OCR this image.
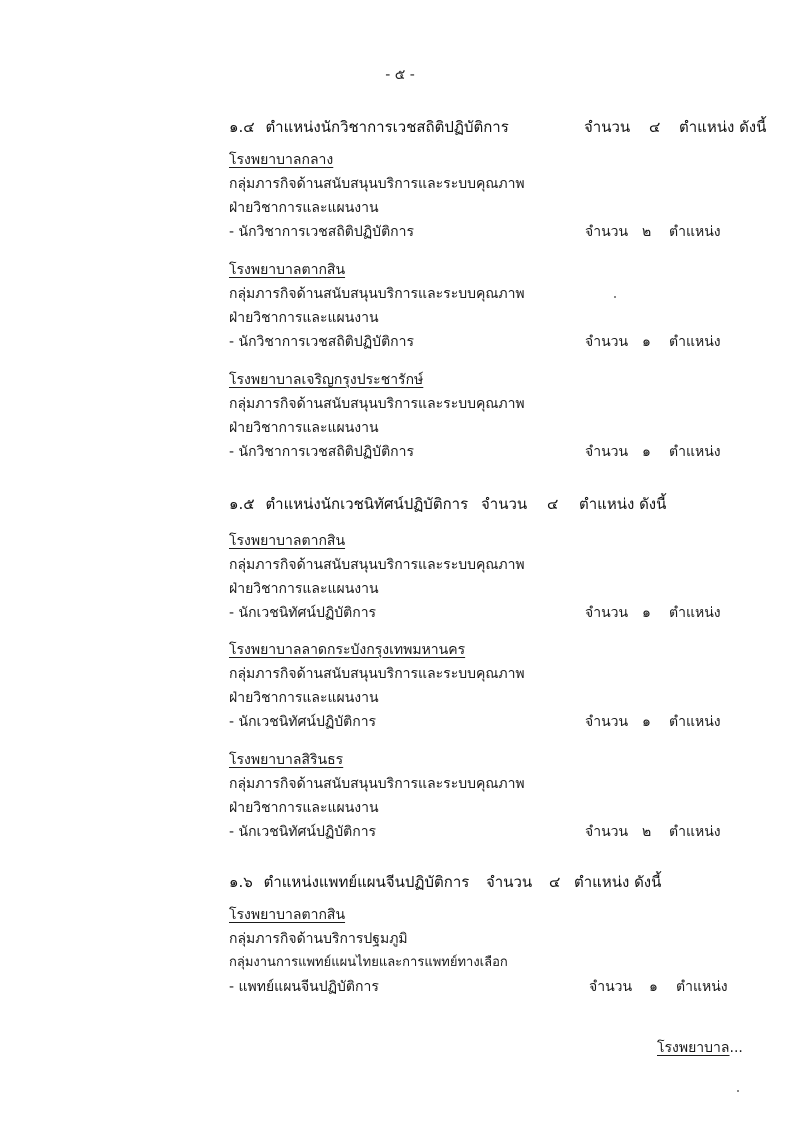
- ๕ -
๑.๔ ตำแหน่งนักวิชาการเวชสถิติปฏิบัติการ	จำนวน ๔ ตำแหน่ง ดังนี้
โรงพยาบาลกลาง
กลุ่มภารกิจด้านสนับสนุนบริการและระบบคุณภาพ
ฝ่ายวิชาการและแผนงาน
- นักวิชาการเวชสถิติปฏิบัติการ	จำนวน ๒ ตำแหน่ง
โรงพยาบาลตากสิน
กลุ่มภารกิจด้านสนับสนุนบริการและระบบคุณภาพ
ฝ่ายวิชาการและแผนงาน
- นักวิชาการเวชสถิติปฏิบัติการ	จำนวน ๑ ตำแหน่ง
โรงพยาบาลเจริญกรุงประชารักษ์
กลุ่มภารกิจด้านสนับสนุนบริการและระบบคุณภาพ
ฝ่ายวิชาการและแผนงาน
- นักวิชาการเวชสถิติปฏิบัติการ	จำนวน ๑ ตำแหน่ง
๑.๕ ตำแหน่งนักเวชนิทัศน์ปฏิบัติการ จำนวน ๔ ตำแหน่ง ดังนี้
โรงพยาบาลตากสิน
กลุ่มภารกิจด้านสนับสนุนบริการและระบบคุณภาพ
ฝ่ายวิชาการและแผนงาน
- นักเวชนิทัศน์ปฏิบัติการ	จำนวน ๑ ตำแหน่ง
โรงพยาบาลลาดกระบังกรุงเทพมหานคร
กลุ่มภารกิจด้านสนับสนุนบริการและระบบคุณภาพ
ฝ่ายวิชาการและแผนงาน
- นักเวชนิทัศน์ปฏิบัติการ	จำนวน ๑ ตำแหน่ง
โรงพยาบาลสิรินธร
กลุ่มภารกิจด้านสนับสนุนบริการและระบบคุณภาพ
ฝ่ายวิชาการและแผนงาน
- นักเวชนิทัศน์ปฏิบัติการ	จำนวน ๒ ตำแหน่ง
๑.๖ ตำแหน่งแพทย์แผนจีนปฏิบัติการ จำนวน ๔ ตำแหน่ง ดังนี้
โรงพยาบาลตากสิน
กลุ่มภารกิจด้านบริการปฐมภูมิ
กลุ่มงานการแพทย์แผนไทยและการแพทย์ทางเลือก
- แพทย์แผนจีนปฏิบัติการ	จำนวน ๑ ตำแหน่ง
โรงพยาบาล...
